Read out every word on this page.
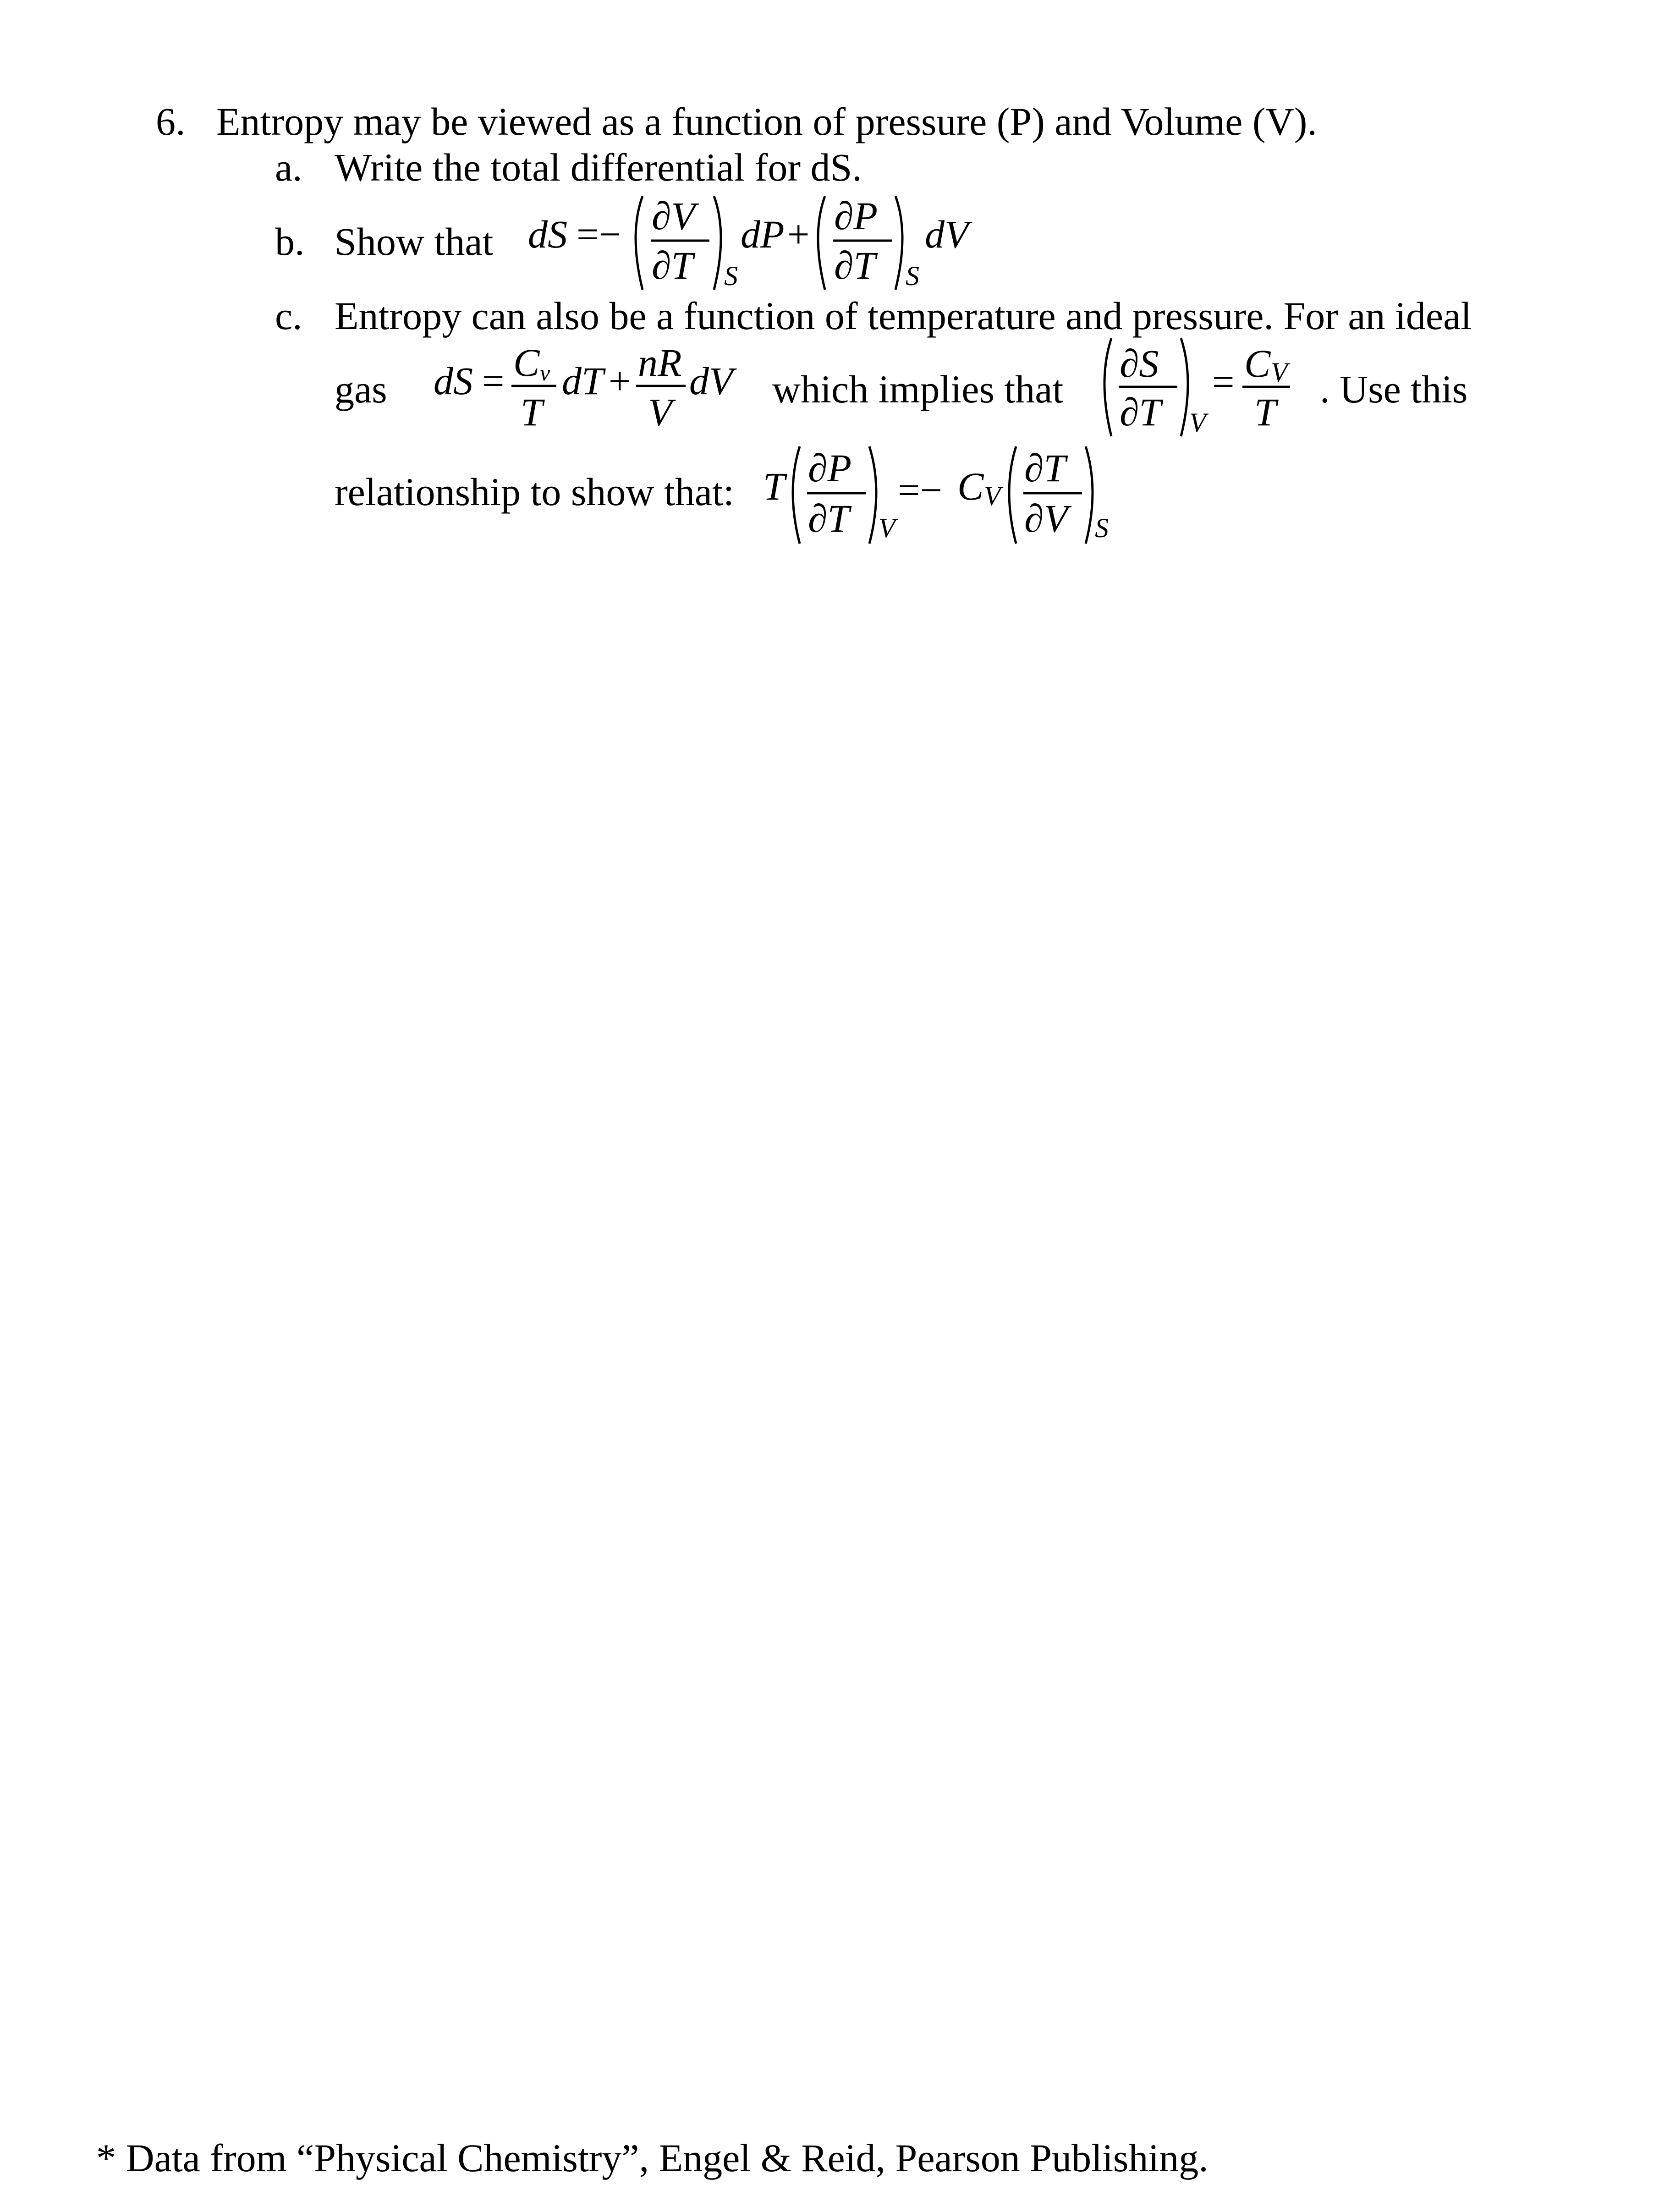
6. Entropy may be viewed as a function of pressure (P) and Volume (V).
a. Write the total differential for dS.
b. Show that dS =− ∂V
∂T S
dP + ∂P
∂T S
dV
c. Entropy can also be a function of temperature and pressure. For an ideal
gas dS = C v
T
dT + nR
V
dV which implies that
∂S
∂T V
= C V
T
. Use this
relationship to show that: T ∂P
∂T V
=− C V
∂T
∂V S
* Data from “Physical Chemistry”, Engel & Reid, Pearson Publishing.
